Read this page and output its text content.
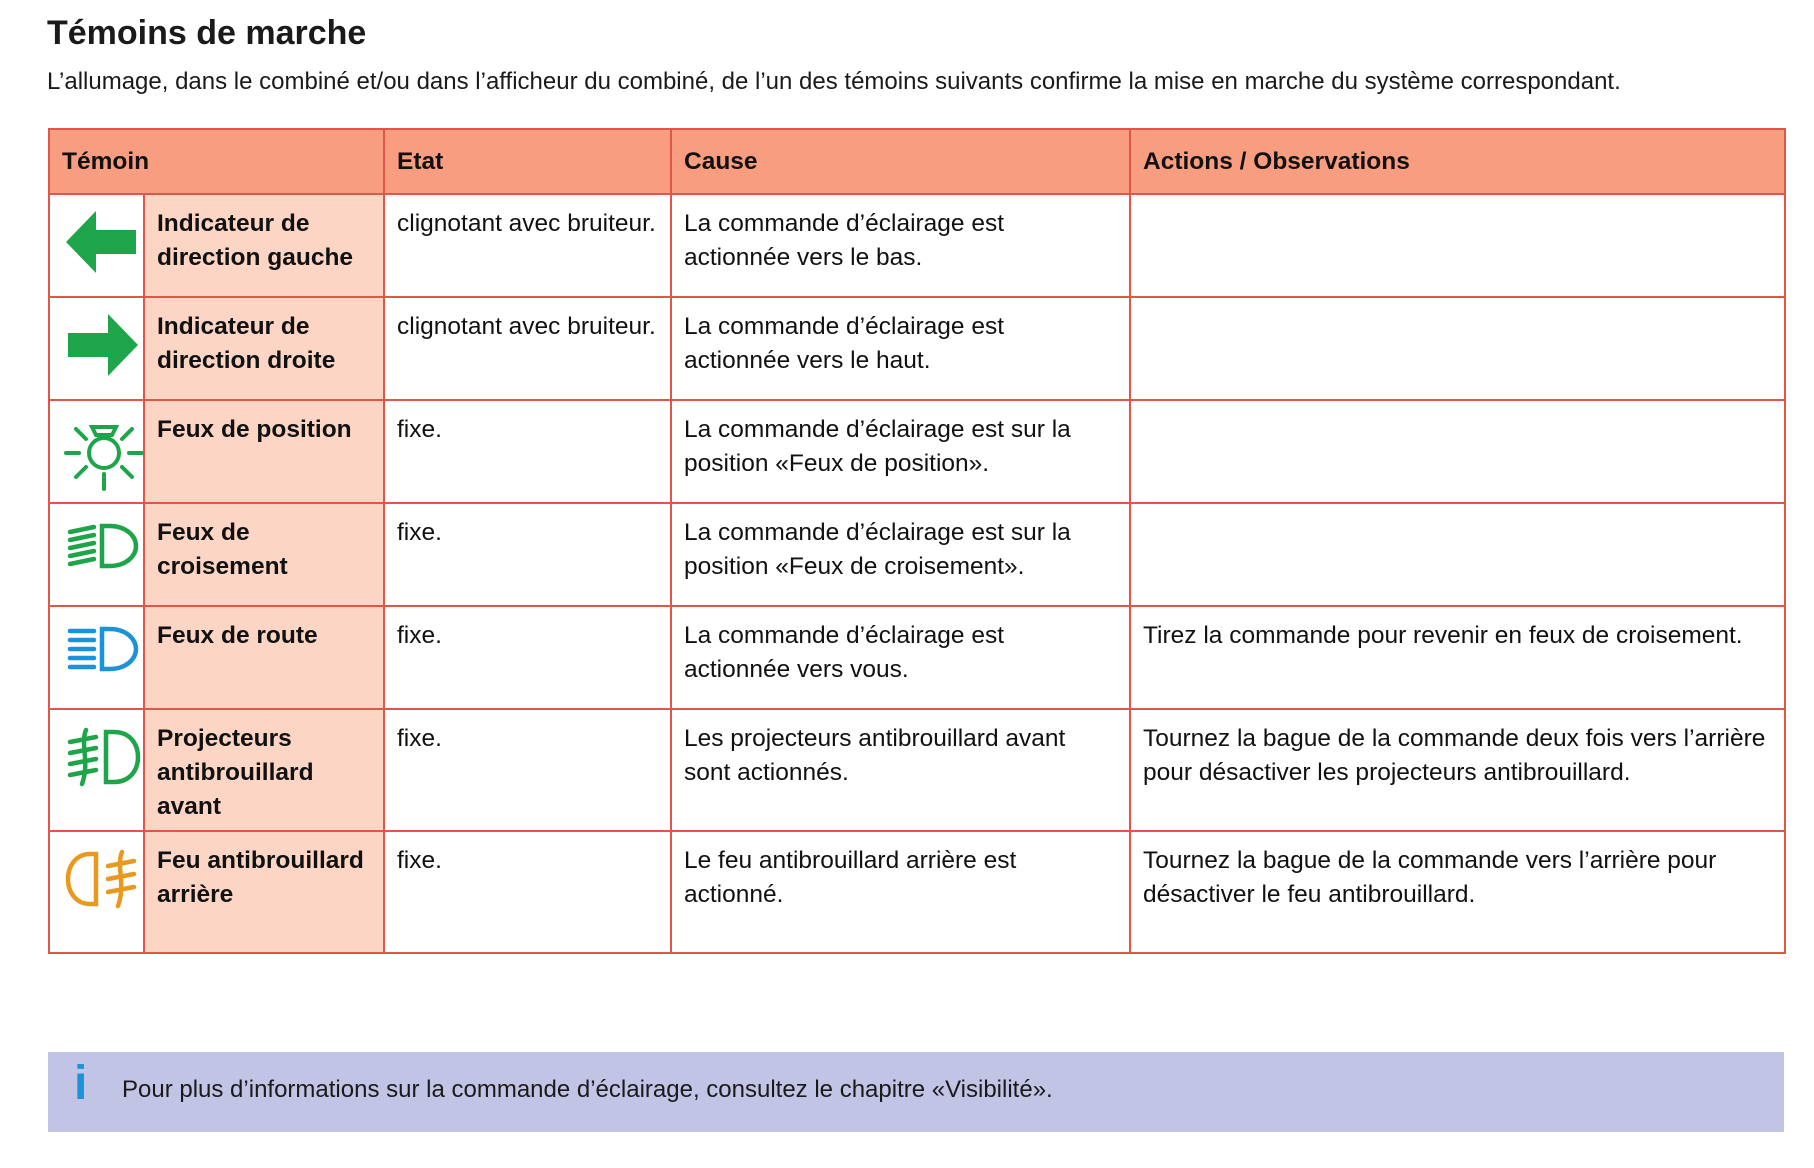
Témoins de marche

L’allumage, dans le combiné et/ou dans l’afficheur du combiné, de l’un des témoins suivants confirme la mise en marche du système correspondant.

Témoin		Etat	Cause	Actions / Observations

	Indicateur de direction gauche	clignotant avec bruiteur.	La commande d’éclairage est actionnée vers le bas.	

	Indicateur de direction droite	clignotant avec bruiteur.	La commande d’éclairage est actionnée vers le haut.	

	Feux de position	fixe.	La commande d’éclairage est sur la position «Feux de position».	

	Feux de croisement	fixe.	La commande d’éclairage est sur la position «Feux de croisement».	

	Feux de route	fixe.	La commande d’éclairage est actionnée vers vous.	Tirez la commande pour revenir en feux de croisement.

	Projecteurs antibrouillard avant	fixe.	Les projecteurs antibrouillard avant sont actionnés.	Tournez la bague de la commande deux fois vers l’arrière pour désactiver les projecteurs antibrouillard.

	Feu antibrouillard arrière	fixe.	Le feu antibrouillard arrière est actionné.	Tournez la bague de la commande vers l’arrière pour désactiver le feu antibrouillard.
i Pour plus d’informations sur la commande d’éclairage, consultez le chapitre «Visibilité».
